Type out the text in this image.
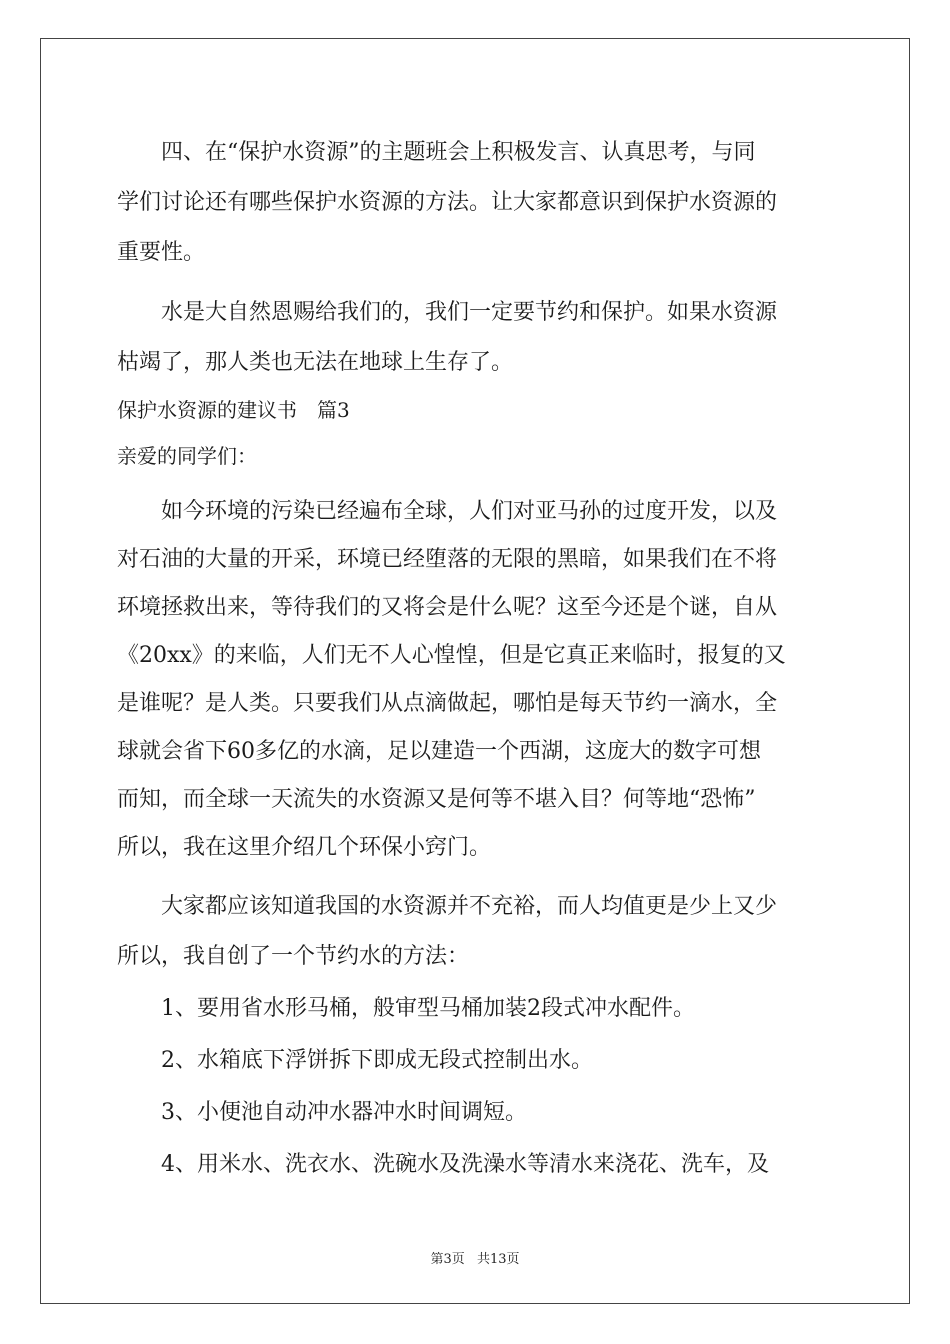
　　四、在“保护水资源”的主题班会上积极发言、认真思考，与同
学们讨论还有哪些保护水资源的方法。让大家都意识到保护水资源的
重要性。
　　水是大自然恩赐给我们的，我们一定要节约和保护。如果水资源
枯竭了，那人类也无法在地球上生存了。
保护水资源的建议书　篇3
亲爱的同学们：
　　如今环境的污染已经遍布全球，人们对亚马孙的过度开发，以及
对石油的大量的开采，环境已经堕落的无限的黑暗，如果我们在不将
环境拯救出来，等待我们的又将会是什么呢？这至今还是个谜，自从
《20xx》的来临，人们无不人心惶惶，但是它真正来临时，报复的又
是谁呢？是人类。只要我们从点滴做起，哪怕是每天节约一滴水，全
球就会省下60多亿的水滴，足以建造一个西湖，这庞大的数字可想
而知，而全球一天流失的水资源又是何等不堪入目？何等地“恐怖”
所以，我在这里介绍几个环保小窍门。
　　大家都应该知道我国的水资源并不充裕，而人均值更是少上又少
所以，我自创了一个节约水的方法：
　　1、要用省水形马桶，般审型马桶加装2段式冲水配件。
　　2、水箱底下浮饼拆下即成无段式控制出水。
　　3、小便池自动冲水器冲水时间调短。
　　4、用米水、洗衣水、洗碗水及洗澡水等清水来浇花、洗车，及
第3页 共13页
